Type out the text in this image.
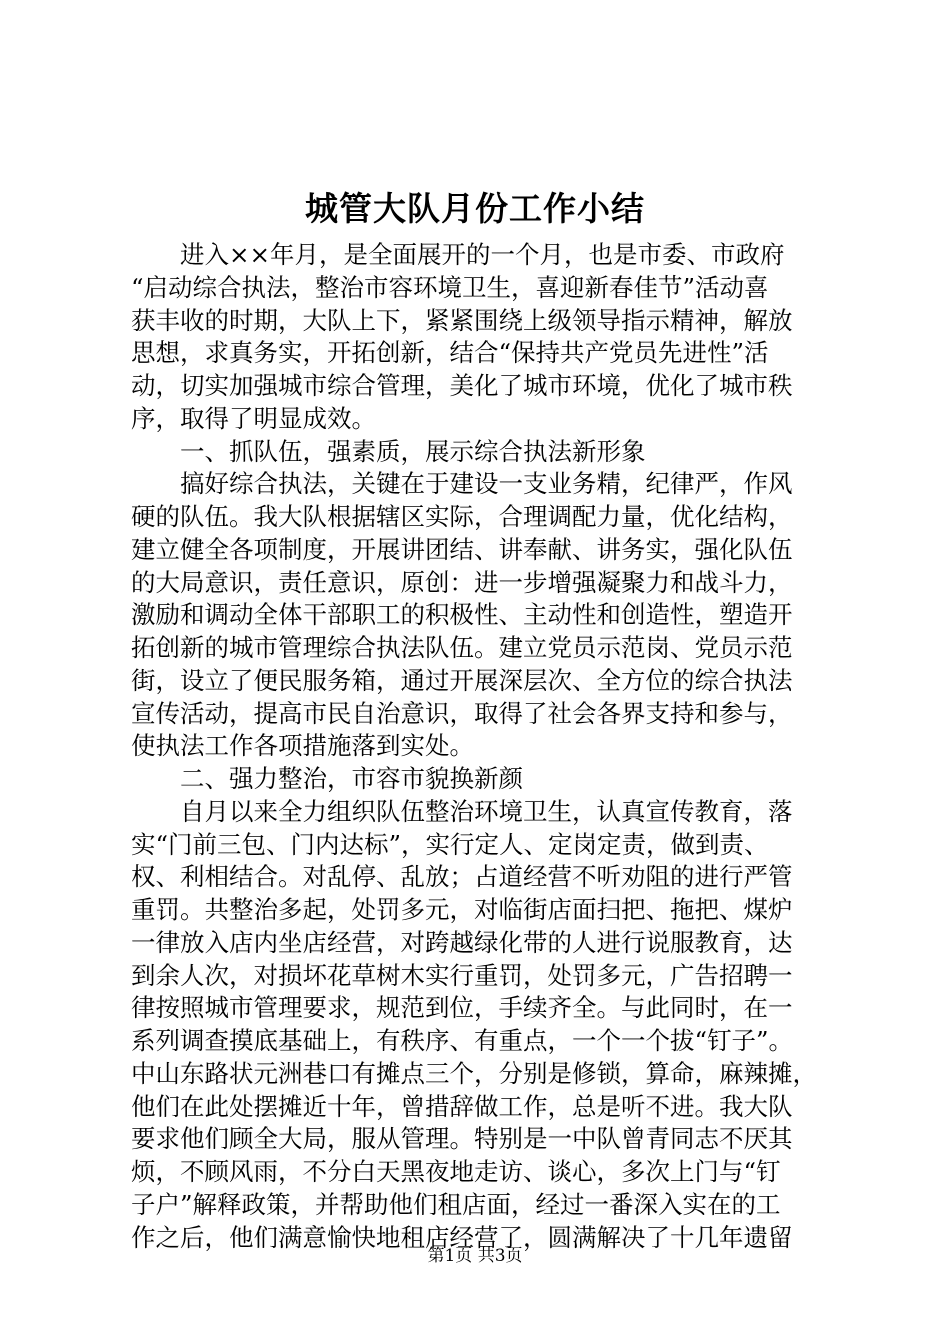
城管大队月份工作小结
　　进入××年月，是全面展开的一个月，也是市委、市政府
“启动综合执法，整治市容环境卫生，喜迎新春佳节”活动喜
获丰收的时期，大队上下，紧紧围绕上级领导指示精神，解放
思想，求真务实，开拓创新，结合“保持共产党员先进性”活
动，切实加强城市综合管理，美化了城市环境，优化了城市秩
序，取得了明显成效。
　　一、抓队伍，强素质，展示综合执法新形象
　　搞好综合执法，关键在于建设一支业务精，纪律严，作风
硬的队伍。我大队根据辖区实际，合理调配力量，优化结构，
建立健全各项制度，开展讲团结、讲奉献、讲务实，强化队伍
的大局意识，责任意识，原创：进一步增强凝聚力和战斗力，
激励和调动全体干部职工的积极性、主动性和创造性，塑造开
拓创新的城市管理综合执法队伍。建立党员示范岗、党员示范
街，设立了便民服务箱，通过开展深层次、全方位的综合执法
宣传活动，提高市民自治意识，取得了社会各界支持和参与，
使执法工作各项措施落到实处。
　　二、强力整治，市容市貌换新颜
　　自月以来全力组织队伍整治环境卫生，认真宣传教育，落
实“门前三包、门内达标”，实行定人、定岗定责，做到责、
权、利相结合。对乱停、乱放；占道经营不听劝阻的进行严管
重罚。共整治多起，处罚多元，对临街店面扫把、拖把、煤炉
一律放入店内坐店经营，对跨越绿化带的人进行说服教育，达
到余人次，对损坏花草树木实行重罚，处罚多元，广告招聘一
律按照城市管理要求，规范到位，手续齐全。与此同时，在一
系列调查摸底基础上，有秩序、有重点，一个一个拔“钉子”。
中山东路状元洲巷口有摊点三个，分别是修锁，算命，麻辣摊，
他们在此处摆摊近十年，曾措辞做工作，总是听不进。我大队
要求他们顾全大局，服从管理。特别是一中队曾青同志不厌其
烦，不顾风雨，不分白天黑夜地走访、谈心，多次上门与“钉
子户”解释政策，并帮助他们租店面，经过一番深入实在的工
作之后，他们满意愉快地租店经营了，圆满解决了十几年遗留
第1页 共3页
